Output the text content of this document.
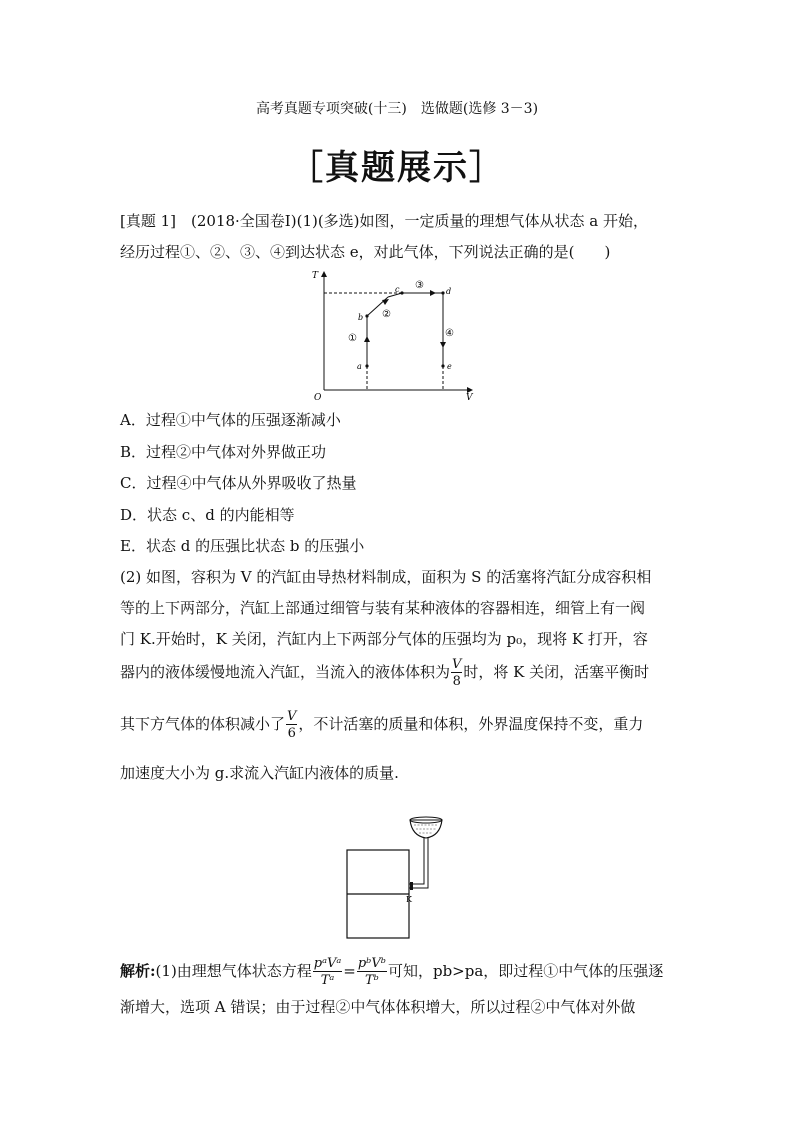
高考真题专项突破(十三)　选做题(选修 3－3)
［真题展示］
[真题 1]　(2018·全国卷Ⅰ)(1)(多选)如图，一定质量的理想气体从状态 a 开始，
经历过程①、②、③、④到达状态 e，对此气体，下列说法正确的是(　　)
T
V
O
a
b
c	d
e
①
②
③
④
A．过程①中气体的压强逐渐减小
B．过程②中气体对外界做正功
C．过程④中气体从外界吸收了热量
D．状态 c、d 的内能相等
E．状态 d 的压强比状态 b 的压强小
(2) 如图，容积为 V 的汽缸由导热材料制成，面积为 S 的活塞将汽缸分成容积相
等的上下两部分，汽缸上部通过细管与装有某种液体的容器相连，细管上有一阀
门 K.开始时，K 关闭，汽缸内上下两部分气体的压强均为 p₀，现将 K 打开，容
器内的液体缓慢地流入汽缸，当流入的液体体积为 $\frac{V}{8}$ 时，将 K 关闭，活塞平衡时
其下方气体的体积减小了 $\frac{V}{6}$ ，不计活塞的质量和体积，外界温度保持不变，重力
加速度大小为 g.求流入汽缸内液体的质量.
K
解析:(1)由理想气体状态方程 $\frac{\text{pᵃVᵃ}}{\text{Tᵃ}} = \frac{\text{pᵇVᵇ}}{\text{Tᵇ}}$ 可知，pb>pa，即过程①中气体的压强逐
渐增大，选项 A 错误；由于过程②中气体体积增大，所以过程②中气体对外做
